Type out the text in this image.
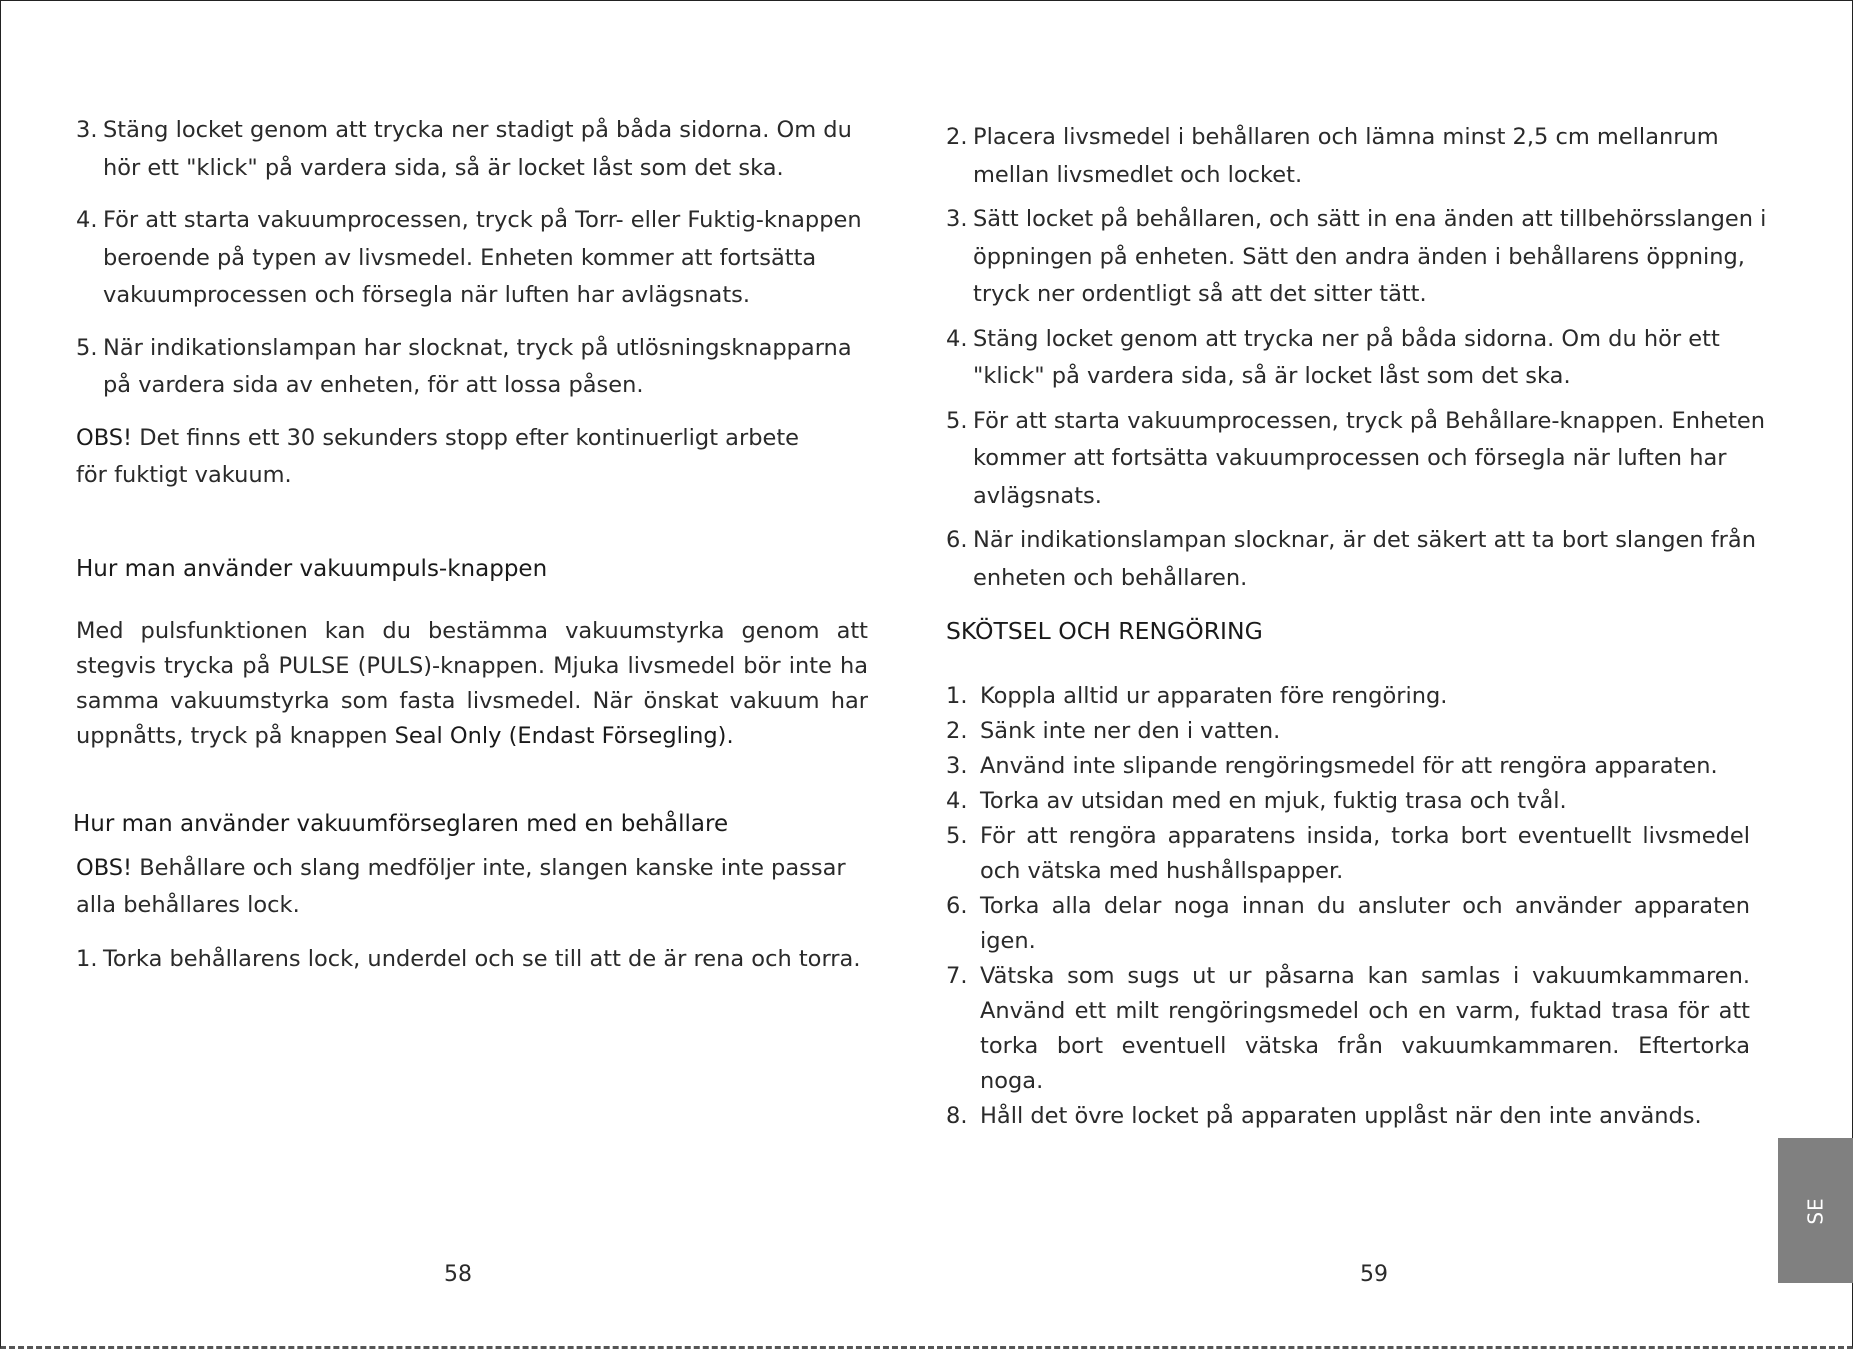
3. Stäng locket genom att trycka ner stadigt på båda sidorna. Om du hör ett "klick" på vardera sida, så är locket låst som det ska.
4. För att starta vakuumprocessen, tryck på Torr- eller Fuktig-knappen beroende på typen av livsmedel. Enheten kommer att fortsätta vakuumprocessen och försegla när luften har avlägsnats.
5. När indikationslampan har slocknat, tryck på utlösningsknapparna på vardera sida av enheten, för att lossa påsen.

OBS! Det finns ett 30 sekunders stopp efter kontinuerligt arbete för fuktigt vakuum.

Hur man använder vakuumpuls-knappen

Med pulsfunktionen kan du bestämma vakuumstyrka genom att stegvis trycka på PULSE (PULS)-knappen. Mjuka livsmedel bör inte ha samma vakuumstyrka som fasta livsmedel. När önskat vakuum har uppnåtts, tryck på knappen Seal Only (Endast Försegling).

Hur man använder vakuumförseglaren med en behållare

OBS! Behållare och slang medföljer inte, slangen kanske inte passar alla behållares lock.

1. Torka behållarens lock, underdel och se till att de är rena och torra.
58
2. Placera livsmedel i behållaren och lämna minst 2,5 cm mellanrum mellan livsmedlet och locket.
3. Sätt locket på behållaren, och sätt in ena änden att tillbehörsslangen i öppningen på enheten. Sätt den andra änden i behållarens öppning, tryck ner ordentligt så att det sitter tätt.
4. Stäng locket genom att trycka ner på båda sidorna. Om du hör ett "klick" på vardera sida, så är locket låst som det ska.
5. För att starta vakuumprocessen, tryck på Behållare-knappen. Enheten kommer att fortsätta vakuumprocessen och försegla när luften har avlägsnats.
6. När indikationslampan slocknar, är det säkert att ta bort slangen från enheten och behållaren.

SKÖTSEL OCH RENGÖRING

1. Koppla alltid ur apparaten före rengöring.
2. Sänk inte ner den i vatten.
3. Använd inte slipande rengöringsmedel för att rengöra apparaten.
4. Torka av utsidan med en mjuk, fuktig trasa och tvål.
5. För att rengöra apparatens insida, torka bort eventuellt livsmedel och vätska med hushållspapper.
6. Torka alla delar noga innan du ansluter och använder apparaten igen.
7. Vätska som sugs ut ur påsarna kan samlas i vakuumkammaren. Använd ett milt rengöringsmedel och en varm, fuktad trasa för att torka bort eventuell vätska från vakuumkammaren. Eftertorka noga.
8. Håll det övre locket på apparaten upplåst när den inte används.
59
SE
